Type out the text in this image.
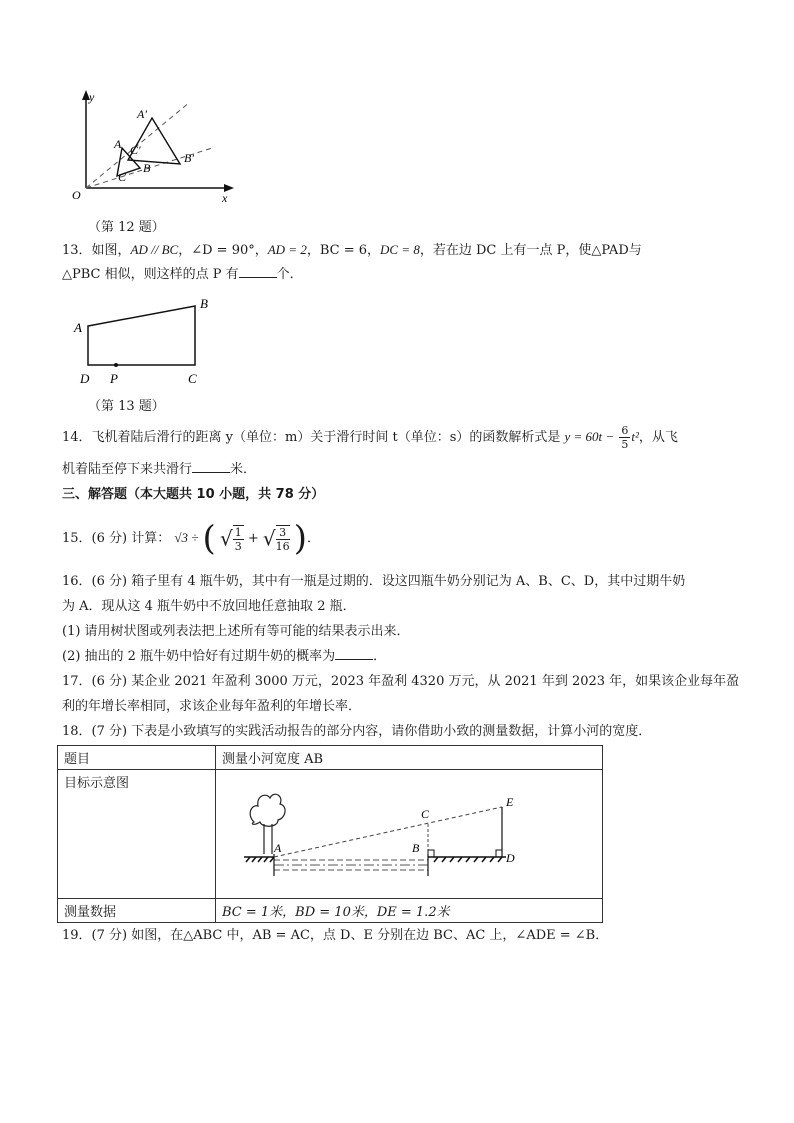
y
x
O
A′
B′
C′
A
B
C
（第 12 题）
13．如图，AD // BC，∠D = 90°，AD = 2，BC = 6，DC = 8，若在边 DC 上有一点 P，使△PAD与
△PBC 相似，则这样的点 P 有	个．
A
B
D P	C
（第 13 题）
14．飞机着陆后滑行的距离 y（单位：m）关于滑行时间 t（单位：s）的函数解析式是 $y = 60t - \frac{6}{5} t^2$，从飞
机着陆至停下来共滑行	米．
三、解答题（本大题共 10 小题，共 78 分）
15．(6 分) 计算： √3 ÷ ( √ $\frac{1}{3}$ + √ $\frac{3}{16}$ )．
16．(6 分) 箱子里有 4 瓶牛奶，其中有一瓶是过期的．设这四瓶牛奶分别记为 A、B、C、D，其中过期牛奶
为 A．现从这 4 瓶牛奶中不放回地任意抽取 2 瓶．
(1) 请用树状图或列表法把上述所有等可能的结果表示出来．
(2) 抽出的 2 瓶牛奶中恰好有过期牛奶的概率为	．
17．(6 分) 某企业 2021 年盈利 3000 万元，2023 年盈利 4320 万元，从 2021 年到 2023 年，如果该企业每年盈
利的年增长率相同，求该企业每年盈利的年增长率．
18．(7 分) 下表是小致填写的实践活动报告的部分内容，请你借助小致的测量数据，计算小河的宽度．
题目	测量小河宽度 AB
目标示意图	A B
C
D
E

测量数据	BC = 1米，BD = 10米，DE = 1.2米
19．(7 分) 如图，在△ABC 中，AB = AC，点 D、E 分别在边 BC、AC 上，∠ADE = ∠B．
